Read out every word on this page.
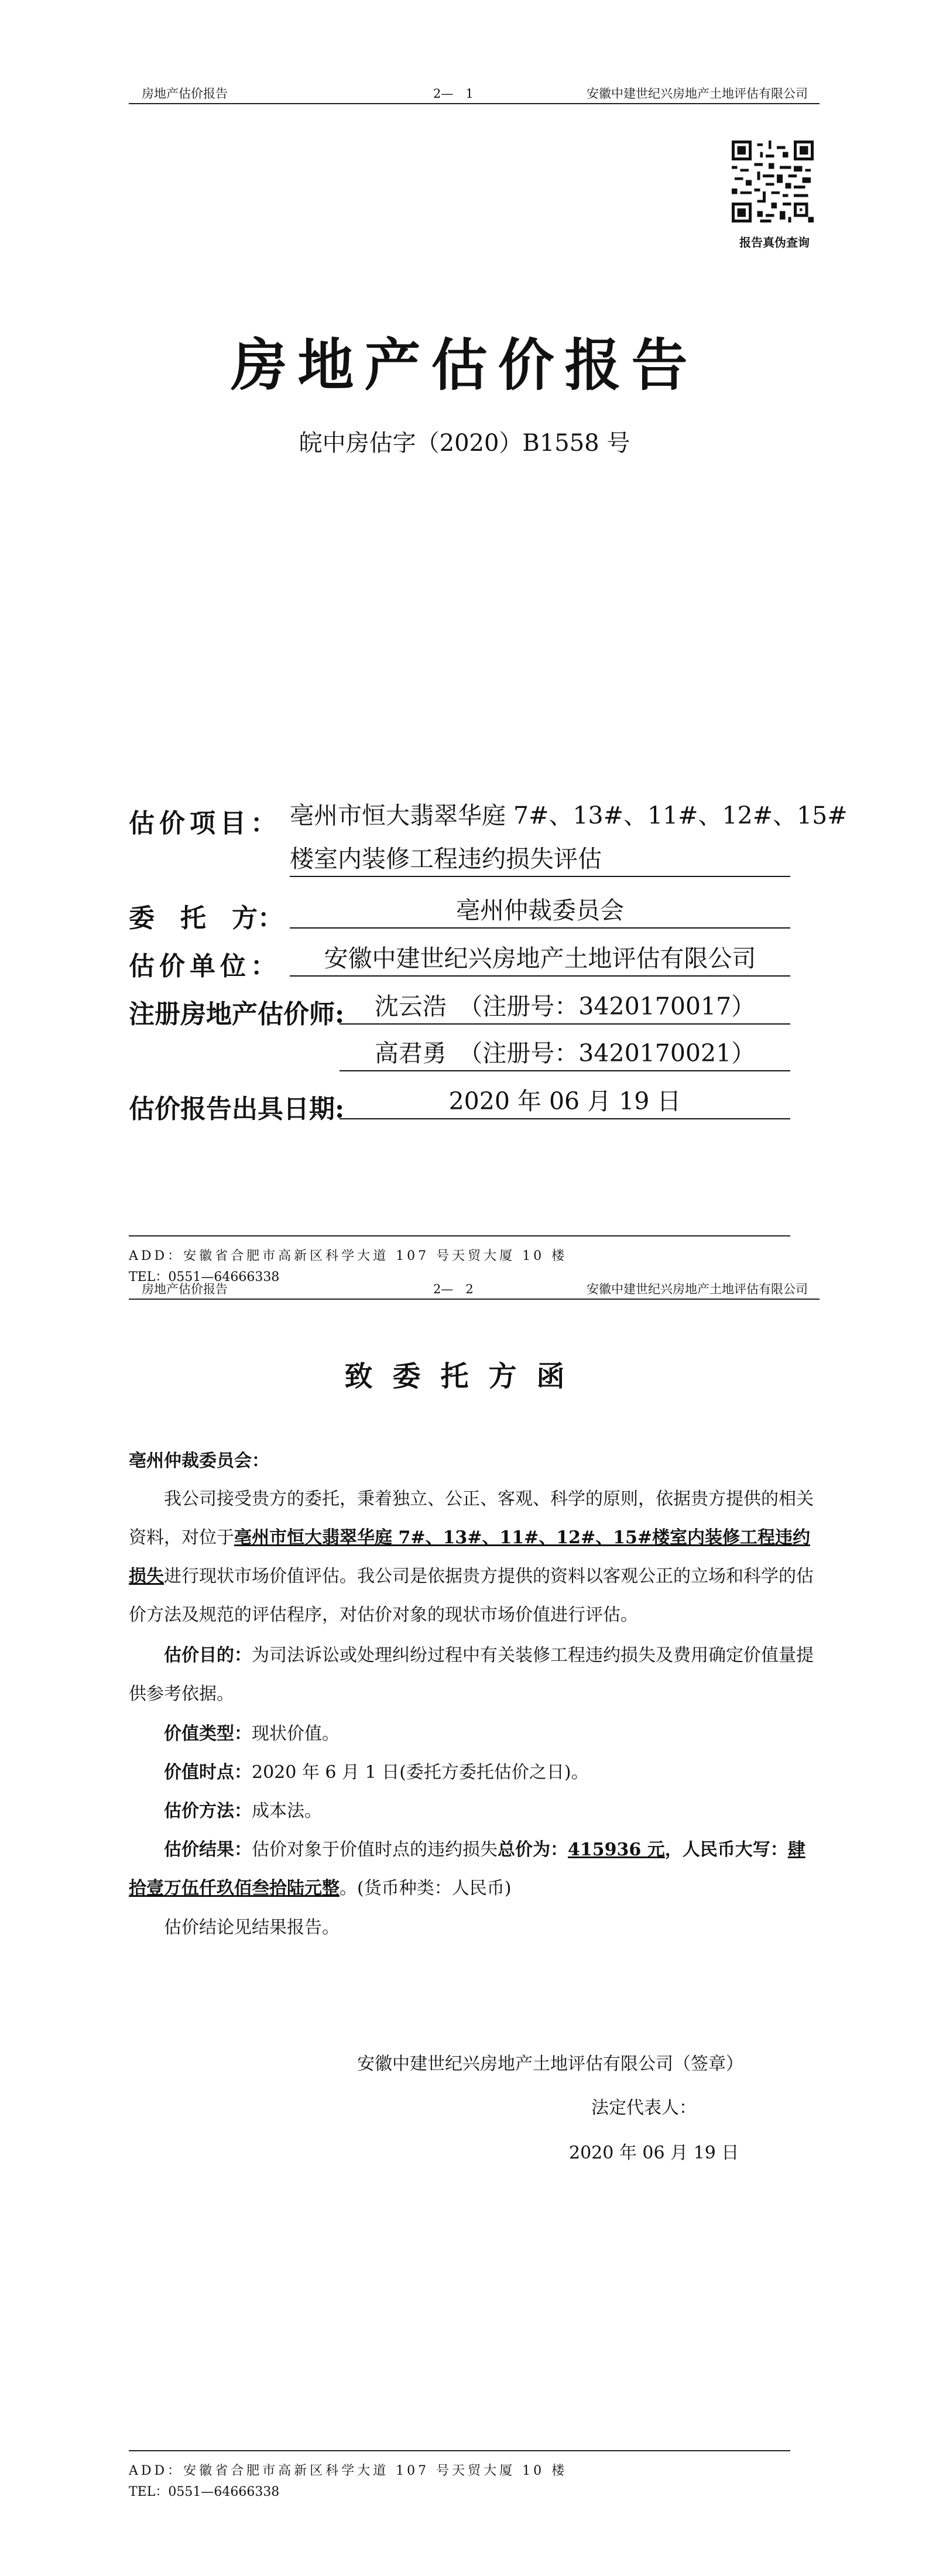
房地产估价报告	2—　1	安徽中建世纪兴房地产土地评估有限公司
报告真伪查询
房地产估价报告
皖中房估字（2020）B1558 号
估价项目： 亳州市恒大翡翠华庭 7#、13#、11#、12#、15#
楼室内装修工程违约损失评估
委　托　方：	亳州仲裁委员会
估价单位：	安徽中建世纪兴房地产土地评估有限公司
注册房地产估价师:	沈云浩　（注册号：3420170017）
高君勇　（注册号：3420170021）
估价报告出具日期:	2020 年 06 月 19 日
ADD：安徽省合肥市高新区科学大道 107 号天贸大厦 10 楼
TEL：0551—64666338
房地产估价报告	2—　2	安徽中建世纪兴房地产土地评估有限公司
ADD：安徽省合肥市高新区科学大道 107 号天贸大厦 10 楼
TEL：0551—64666338
致委托方函
亳州仲裁委员会：
我公司接受贵方的委托，秉着独立、公正、客观、科学的原则，依据贵方提供的相关资料，对位于亳州市恒大翡翠华庭 7#、13#、11#、12#、15#楼室内装修工程违约损失进行现状市场价值评估。我公司是依据贵方提供的资料以客观公正的立场和科学的估价方法及规范的评估程序，对估价对象的现状市场价值进行评估。
估价目的：为司法诉讼或处理纠纷过程中有关装修工程违约损失及费用确定价值量提供参考依据。
价值类型：现状价值。
价值时点：2020 年 6 月 1 日(委托方委托估价之日)。
估价方法：成本法。
估价结果：估价对象于价值时点的违约损失总价为：415936 元，人民币大写：肆拾壹万伍仟玖佰叁拾陆元整。(货币种类：人民币)
估价结论见结果报告。
安徽中建世纪兴房地产土地评估有限公司（签章）
法定代表人：
2020 年 06 月 19 日
